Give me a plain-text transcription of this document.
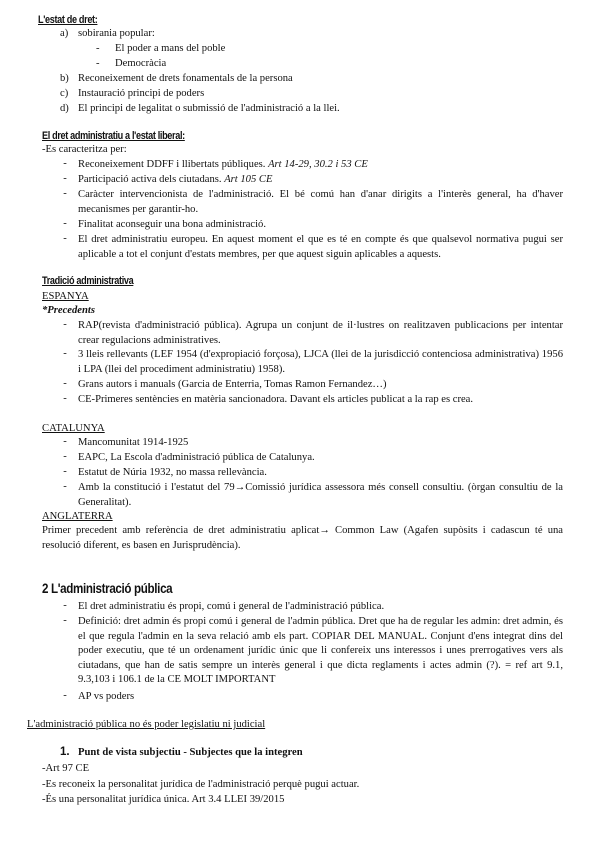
L'estat de dret:
a) sobirania popular:
- El poder a mans del poble
- Democràcia
b) Reconeixement de drets fonamentals de la persona
c) Instauració principi de poders
d) El principi de legalitat o submissió de l'administració a la llei.
El dret administratiu a l'estat liberal:
-Es caracteritza per:
-	Reconeixement DDFF i llibertats públiques. Art 14-29, 30.2 i 53 CE
-	Participació activa dels ciutadans. Art 105 CE
-	Caràcter intervencionista de l'administració. El bé comú han d'anar dirigits a l'interès general, ha d'haver mecanismes per garantir-ho.
-	Finalitat aconseguir una bona administració.
-	El dret administratiu europeu. En aquest moment el que es té en compte és que qualsevol normativa pugui ser aplicable a tot el conjunt d'estats membres, per que aquest siguin aplicables a aquests.
Tradició administrativa
ESPANYA
*Precedents
-	RAP(revista d'administració pública). Agrupa un conjunt de il·lustres on realitzaven publicacions per intentar crear regulacions administratives.
-	3 lleis rellevants (LEF 1954 (d'expropiació forçosa), LJCA (llei de la jurisdicció contenciosa administrativa) 1956 i LPA (llei del procediment administratiu) 1958).
-	Grans autors i manuals (Garcia de Enterria, Tomas Ramon Fernandez…)
-	CE-Primeres sentències en matèria sancionadora. Davant els articles publicat a la rap es crea.
CATALUNYA
-	Mancomunitat 1914-1925
-	EAPC, La Escola d'administració pública de Catalunya.
-	Estatut de Núria 1932, no massa rellevància.
-	Amb la constitució i l'estatut del 79→Comissió jurídica assessora més consell consultiu. (òrgan consultiu de la Generalitat).
ANGLATERRA
Primer precedent amb referència de dret administratiu aplicat→ Common Law (Agafen supòsits i cadascun té una resolució diferent, es basen en Jurisprudència).
2 L'administració pública
-	El dret administratiu és propi, comú i general de l'administració pública.
-	Definició: dret admin és propi comú i general de l'admin pública. Dret que ha de regular les admin: dret admin, és el que regula l'admin en la seva relació amb els part. COPIAR DEL MANUAL. Conjunt d'ens integrat dins del poder executiu, que té un ordenament jurídic únic que li confereix uns interessos i unes prerrogatives vers als ciutadans, que han de satis sempre un interès general i que dicta reglaments i actes admin (?). = ref art 9.1, 9.3,103 i 106.1 de la CE MOLT IMPORTANT
-	AP vs poders
L'administració pública no és poder legislatiu ni judicial
1. Punt de vista subjectiu - Subjectes que la integren
-Art 97 CE
-Es reconeix la personalitat jurídica de l'administració perquè pugui actuar.
-És una personalitat jurídica única. Art 3.4 LLEI 39/2015
